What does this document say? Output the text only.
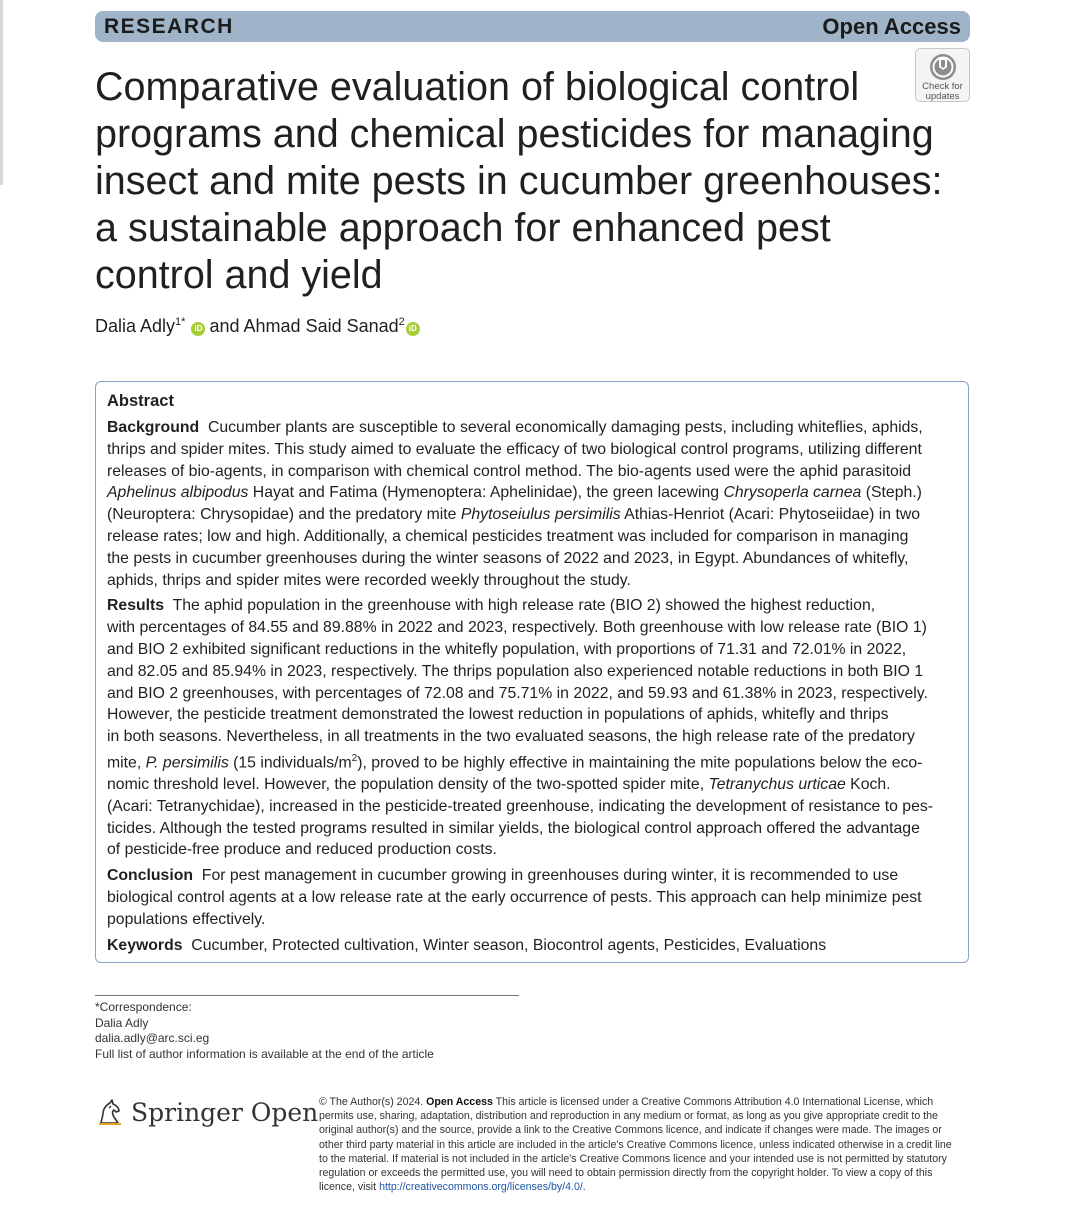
RESEARCH	Open Access
Check for
updates
Comparative evaluation of biological control
programs and chemical pesticides for managing
insect and mite pests in cucumber greenhouses:
a sustainable approach for enhanced pest
control and yield
Dalia Adly$^{1*}$ iD and Ahmad Said Sanad$^2$iD
Abstract

Background Cucumber plants are susceptible to several economically damaging pests, including whiteflies, aphids,
thrips and spider mites. This study aimed to evaluate the efficacy of two biological control programs, utilizing different
releases of bio-agents, in comparison with chemical control method. The bio-agents used were the aphid parasitoid
Aphelinus albipodus Hayat and Fatima (Hymenoptera: Aphelinidae), the green lacewing Chrysoperla carnea (Steph.)
(Neuroptera: Chrysopidae) and the predatory mite Phytoseiulus persimilis Athias-Henriot (Acari: Phytoseiidae) in two
release rates; low and high. Additionally, a chemical pesticides treatment was included for comparison in managing
the pests in cucumber greenhouses during the winter seasons of 2022 and 2023, in Egypt. Abundances of whitefly,
aphids, thrips and spider mites were recorded weekly throughout the study.

Results The aphid population in the greenhouse with high release rate (BIO 2) showed the highest reduction,
with percentages of 84.55 and 89.88% in 2022 and 2023, respectively. Both greenhouse with low release rate (BIO 1)
and BIO 2 exhibited significant reductions in the whitefly population, with proportions of 71.31 and 72.01% in 2022,
and 82.05 and 85.94% in 2023, respectively. The thrips population also experienced notable reductions in both BIO 1
and BIO 2 greenhouses, with percentages of 72.08 and 75.71% in 2022, and 59.93 and 61.38% in 2023, respectively.
However, the pesticide treatment demonstrated the lowest reduction in populations of aphids, whitefly and thrips
in both seasons. Nevertheless, in all treatments in the two evaluated seasons, the high release rate of the predatory
mite, P. persimilis (15 individuals/$m^2$), proved to be highly effective in maintaining the mite populations below the eco-
nomic threshold level. However, the population density of the two-spotted spider mite, Tetranychus urticae Koch.
(Acari: Tetranychidae), increased in the pesticide-treated greenhouse, indicating the development of resistance to pes-
ticides. Although the tested programs resulted in similar yields, the biological control approach offered the advantage
of pesticide-free produce and reduced production costs.

Conclusion For pest management in cucumber growing in greenhouses during winter, it is recommended to use
biological control agents at a low release rate at the early occurrence of pests. This approach can help minimize pest
populations effectively.

Keywords Cucumber, Protected cultivation, Winter season, Biocontrol agents, Pesticides, Evaluations

*Correspondence:
Dalia Adly
dalia.adly@arc.sci.eg
Full list of author information is available at the end of the article
Springer Open © The Author(s) 2024. Open Access This article is licensed under a Creative Commons Attribution 4.0 International License, which
permits use, sharing, adaptation, distribution and reproduction in any medium or format, as long as you give appropriate credit to the
original author(s) and the source, provide a link to the Creative Commons licence, and indicate if changes were made. The images or
other third party material in this article are included in the article's Creative Commons licence, unless indicated otherwise in a credit line
to the material. If material is not included in the article's Creative Commons licence and your intended use is not permitted by statutory
regulation or exceeds the permitted use, you will need to obtain permission directly from the copyright holder. To view a copy of this
licence, visit http://creativecommons.org/licenses/by/4.0/.
